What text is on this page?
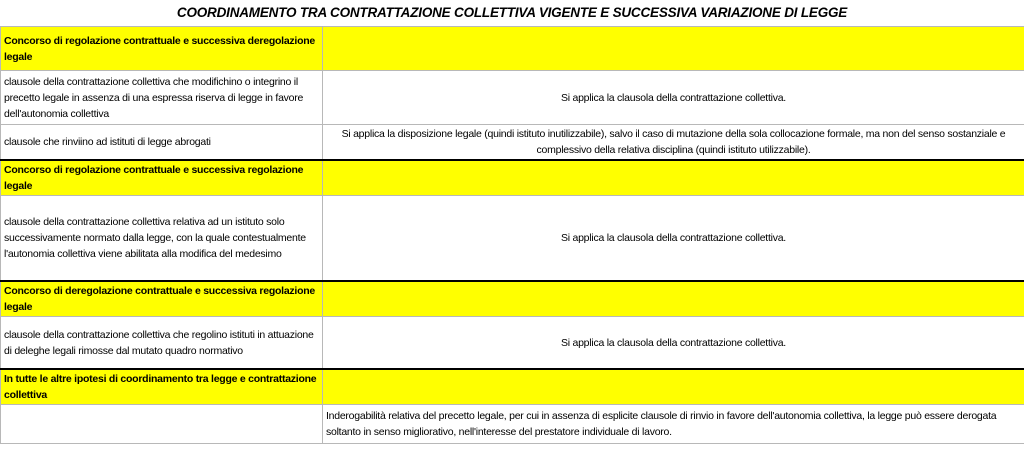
COORDINAMENTO TRA CONTRATTAZIONE COLLETTIVA VIGENTE E SUCCESSIVA VARIAZIONE DI LEGGE
Concorso di regolazione contrattuale e successiva deregolazione legale	
clausole della contrattazione collettiva che modifichino o integrino il precetto legale in assenza di una espressa riserva di legge in favore dell'autonomia collettiva	Si applica la clausola della contrattazione collettiva.
clausole che rinviino ad istituti di legge abrogati	Si applica la disposizione legale (quindi istituto inutilizzabile), salvo il caso di mutazione della sola collocazione formale, ma non del senso sostanziale e complessivo della relativa disciplina (quindi istituto utilizzabile).
Concorso di regolazione contrattuale e successiva regolazione legale	
clausole della contrattazione collettiva relativa ad un istituto solo successivamente normato dalla legge, con la quale contestualmente l'autonomia collettiva viene abilitata alla modifica del medesimo	Si applica la clausola della contrattazione collettiva.
Concorso di deregolazione contrattuale e successiva regolazione legale	
clausole della contrattazione collettiva che regolino istituti in attuazione di deleghe legali rimosse dal mutato quadro normativo	Si applica la clausola della contrattazione collettiva.
In tutte le altre ipotesi di coordinamento tra legge e contrattazione collettiva	
	Inderogabilità relativa del precetto legale, per cui in assenza di esplicite clausole di rinvio in favore dell'autonomia collettiva, la legge può essere derogata soltanto in senso migliorativo, nell'interesse del prestatore individuale di lavoro.
